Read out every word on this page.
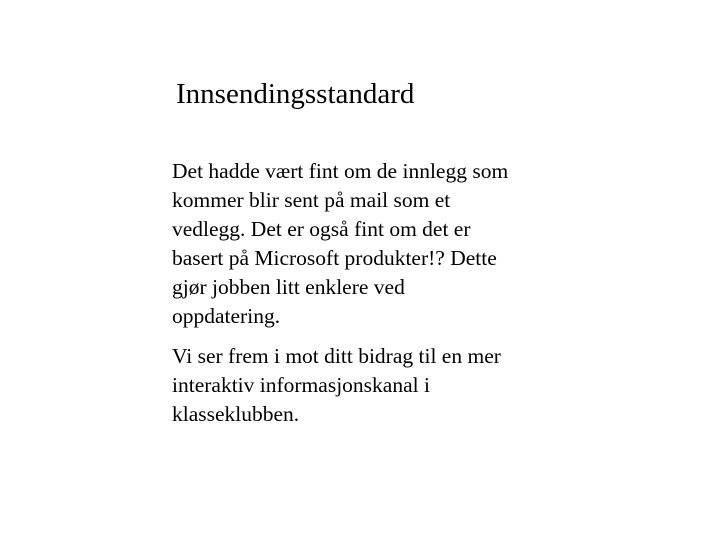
Innsendingsstandard

Det hadde vært fint om de innlegg som
kommer blir sent på mail som et
vedlegg. Det er også fint om det er
basert på Microsoft produkter!? Dette
gjør jobben litt enklere ved
oppdatering.

Vi ser frem i mot ditt bidrag til en mer
interaktiv informasjonskanal i
klasseklubben.
